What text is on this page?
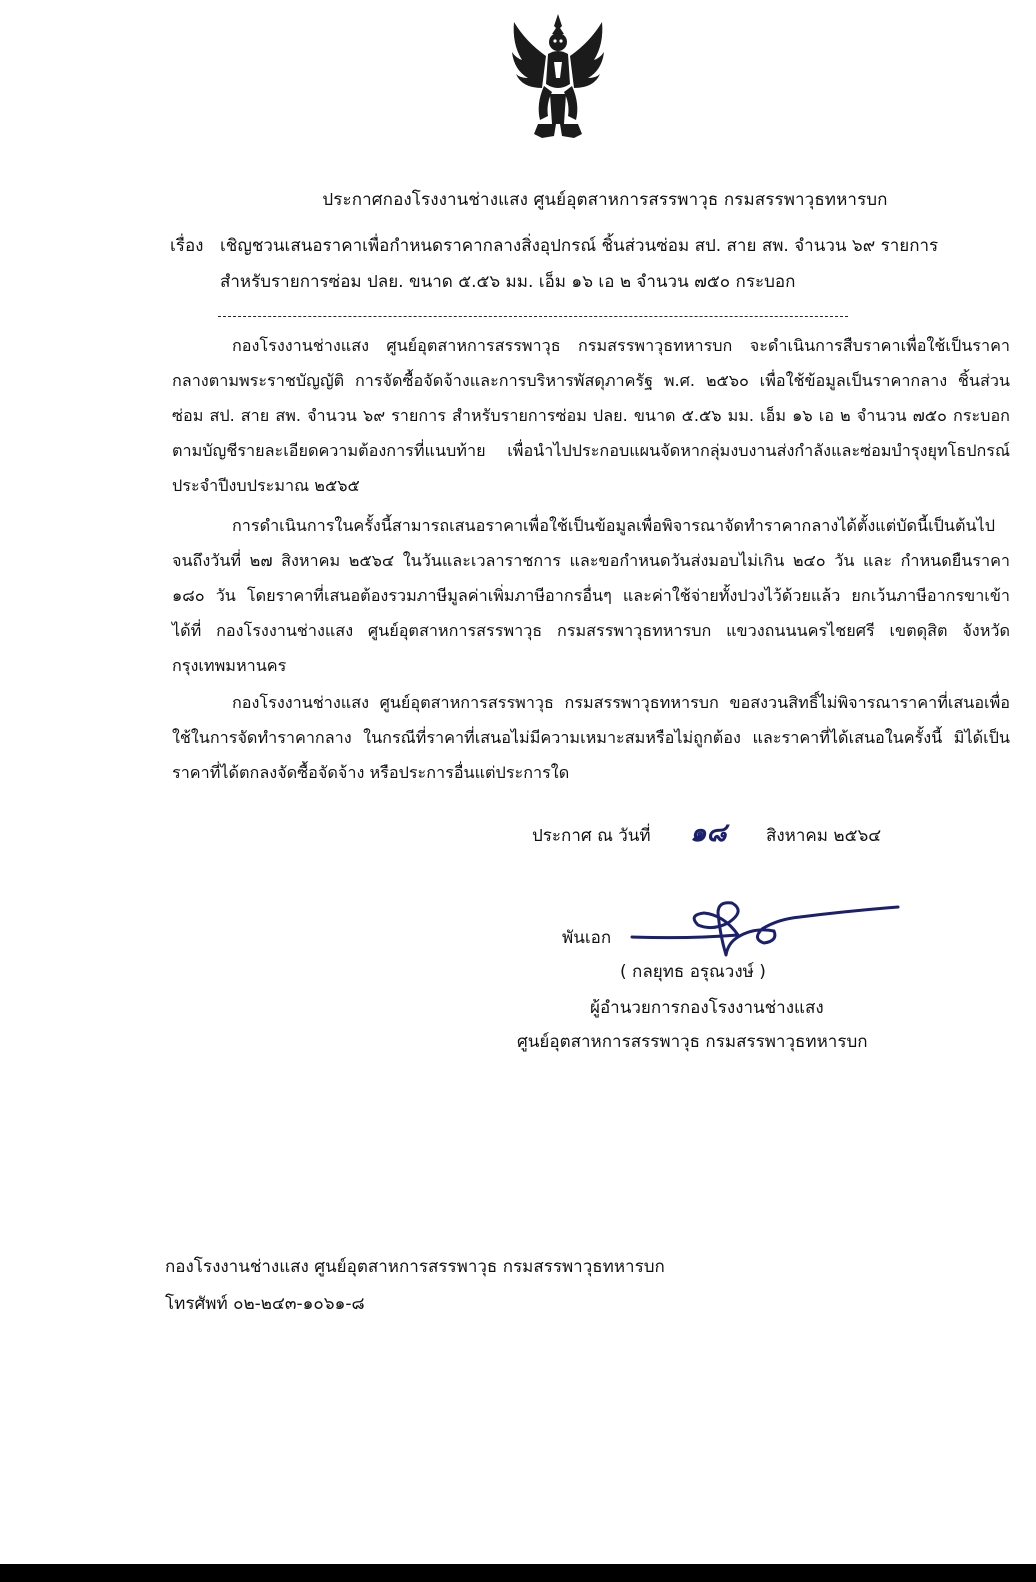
ประกาศกองโรงงานช่างแสง ศูนย์อุตสาหการสรรพาวุธ กรมสรรพาวุธทหารบก
เรื่อง เชิญชวนเสนอราคาเพื่อกำหนดราคากลางสิ่งอุปกรณ์ ชิ้นส่วนซ่อม สป. สาย สพ. จำนวน ๖๙ รายการ
สำหรับรายการซ่อม ปลย. ขนาด ๕.๕๖ มม. เอ็ม ๑๖ เอ ๒ จำนวน ๗๕๐ กระบอก

กองโรงงานช่างแสง ศูนย์อุตสาหการสรรพาวุธ กรมสรรพาวุธทหารบก จะดำเนินการสืบราคาเพื่อใช้เป็นราคากลางตามพระราชบัญญัติ การจัดซื้อจัดจ้างและการบริหารพัสดุภาครัฐ พ.ศ. ๒๕๖๐ เพื่อใช้ข้อมูลเป็นราคากลาง ชิ้นส่วนซ่อม สป. สาย สพ. จำนวน ๖๙ รายการ สำหรับรายการซ่อม ปลย. ขนาด ๕.๕๖ มม. เอ็ม ๑๖ เอ ๒ จำนวน ๗๕๐ กระบอก ตามบัญชีรายละเอียดความต้องการที่แนบท้าย เพื่อนำไปประกอบแผนจัดหากลุ่มงบงานส่งกำลังและซ่อมบำรุงยุทโธปกรณ์ ประจำปีงบประมาณ ๒๕๖๕

การดำเนินการในครั้งนี้สามารถเสนอราคาเพื่อใช้เป็นข้อมูลเพื่อพิจารณาจัดทำราคากลางได้ตั้งแต่บัดนี้เป็นต้นไป จนถึงวันที่ ๒๗ สิงหาคม ๒๕๖๔ ในวันและเวลาราชการ และขอกำหนดวันส่งมอบไม่เกิน ๒๔๐ วัน และ กำหนดยืนราคา ๑๘๐ วัน โดยราคาที่เสนอต้องรวมภาษีมูลค่าเพิ่มภาษีอากรอื่นๆ และค่าใช้จ่ายทั้งปวงไว้ด้วยแล้ว ยกเว้นภาษีอากรขาเข้า ได้ที่ กองโรงงานช่างแสง ศูนย์อุตสาหการสรรพาวุธ กรมสรรพาวุธทหารบก แขวงถนนนครไชยศรี เขตดุสิต จังหวัดกรุงเทพมหานคร

กองโรงงานช่างแสง ศูนย์อุตสาหการสรรพาวุธ กรมสรรพาวุธทหารบก ขอสงวนสิทธิ์ไม่พิจารณาราคาที่เสนอเพื่อใช้ในการจัดทำราคากลาง ในกรณีที่ราคาที่เสนอไม่มีความเหมาะสมหรือไม่ถูกต้อง และราคาที่ได้เสนอในครั้งนี้ มิได้เป็นราคาที่ได้ตกลงจัดซื้อจัดจ้าง หรือประการอื่นแต่ประการใด

ประกาศ ณ วันที่ ๑๘ สิงหาคม ๒๕๖๔
พันเอก
( กลยุทธ อรุณวงษ์ )
ผู้อำนวยการกองโรงงานช่างแสง
ศูนย์อุตสาหการสรรพาวุธ กรมสรรพาวุธทหารบก
กองโรงงานช่างแสง ศูนย์อุตสาหการสรรพาวุธ กรมสรรพาวุธทหารบก
โทรศัพท์ ๐๒-๒๔๓-๑๐๖๑-๘
